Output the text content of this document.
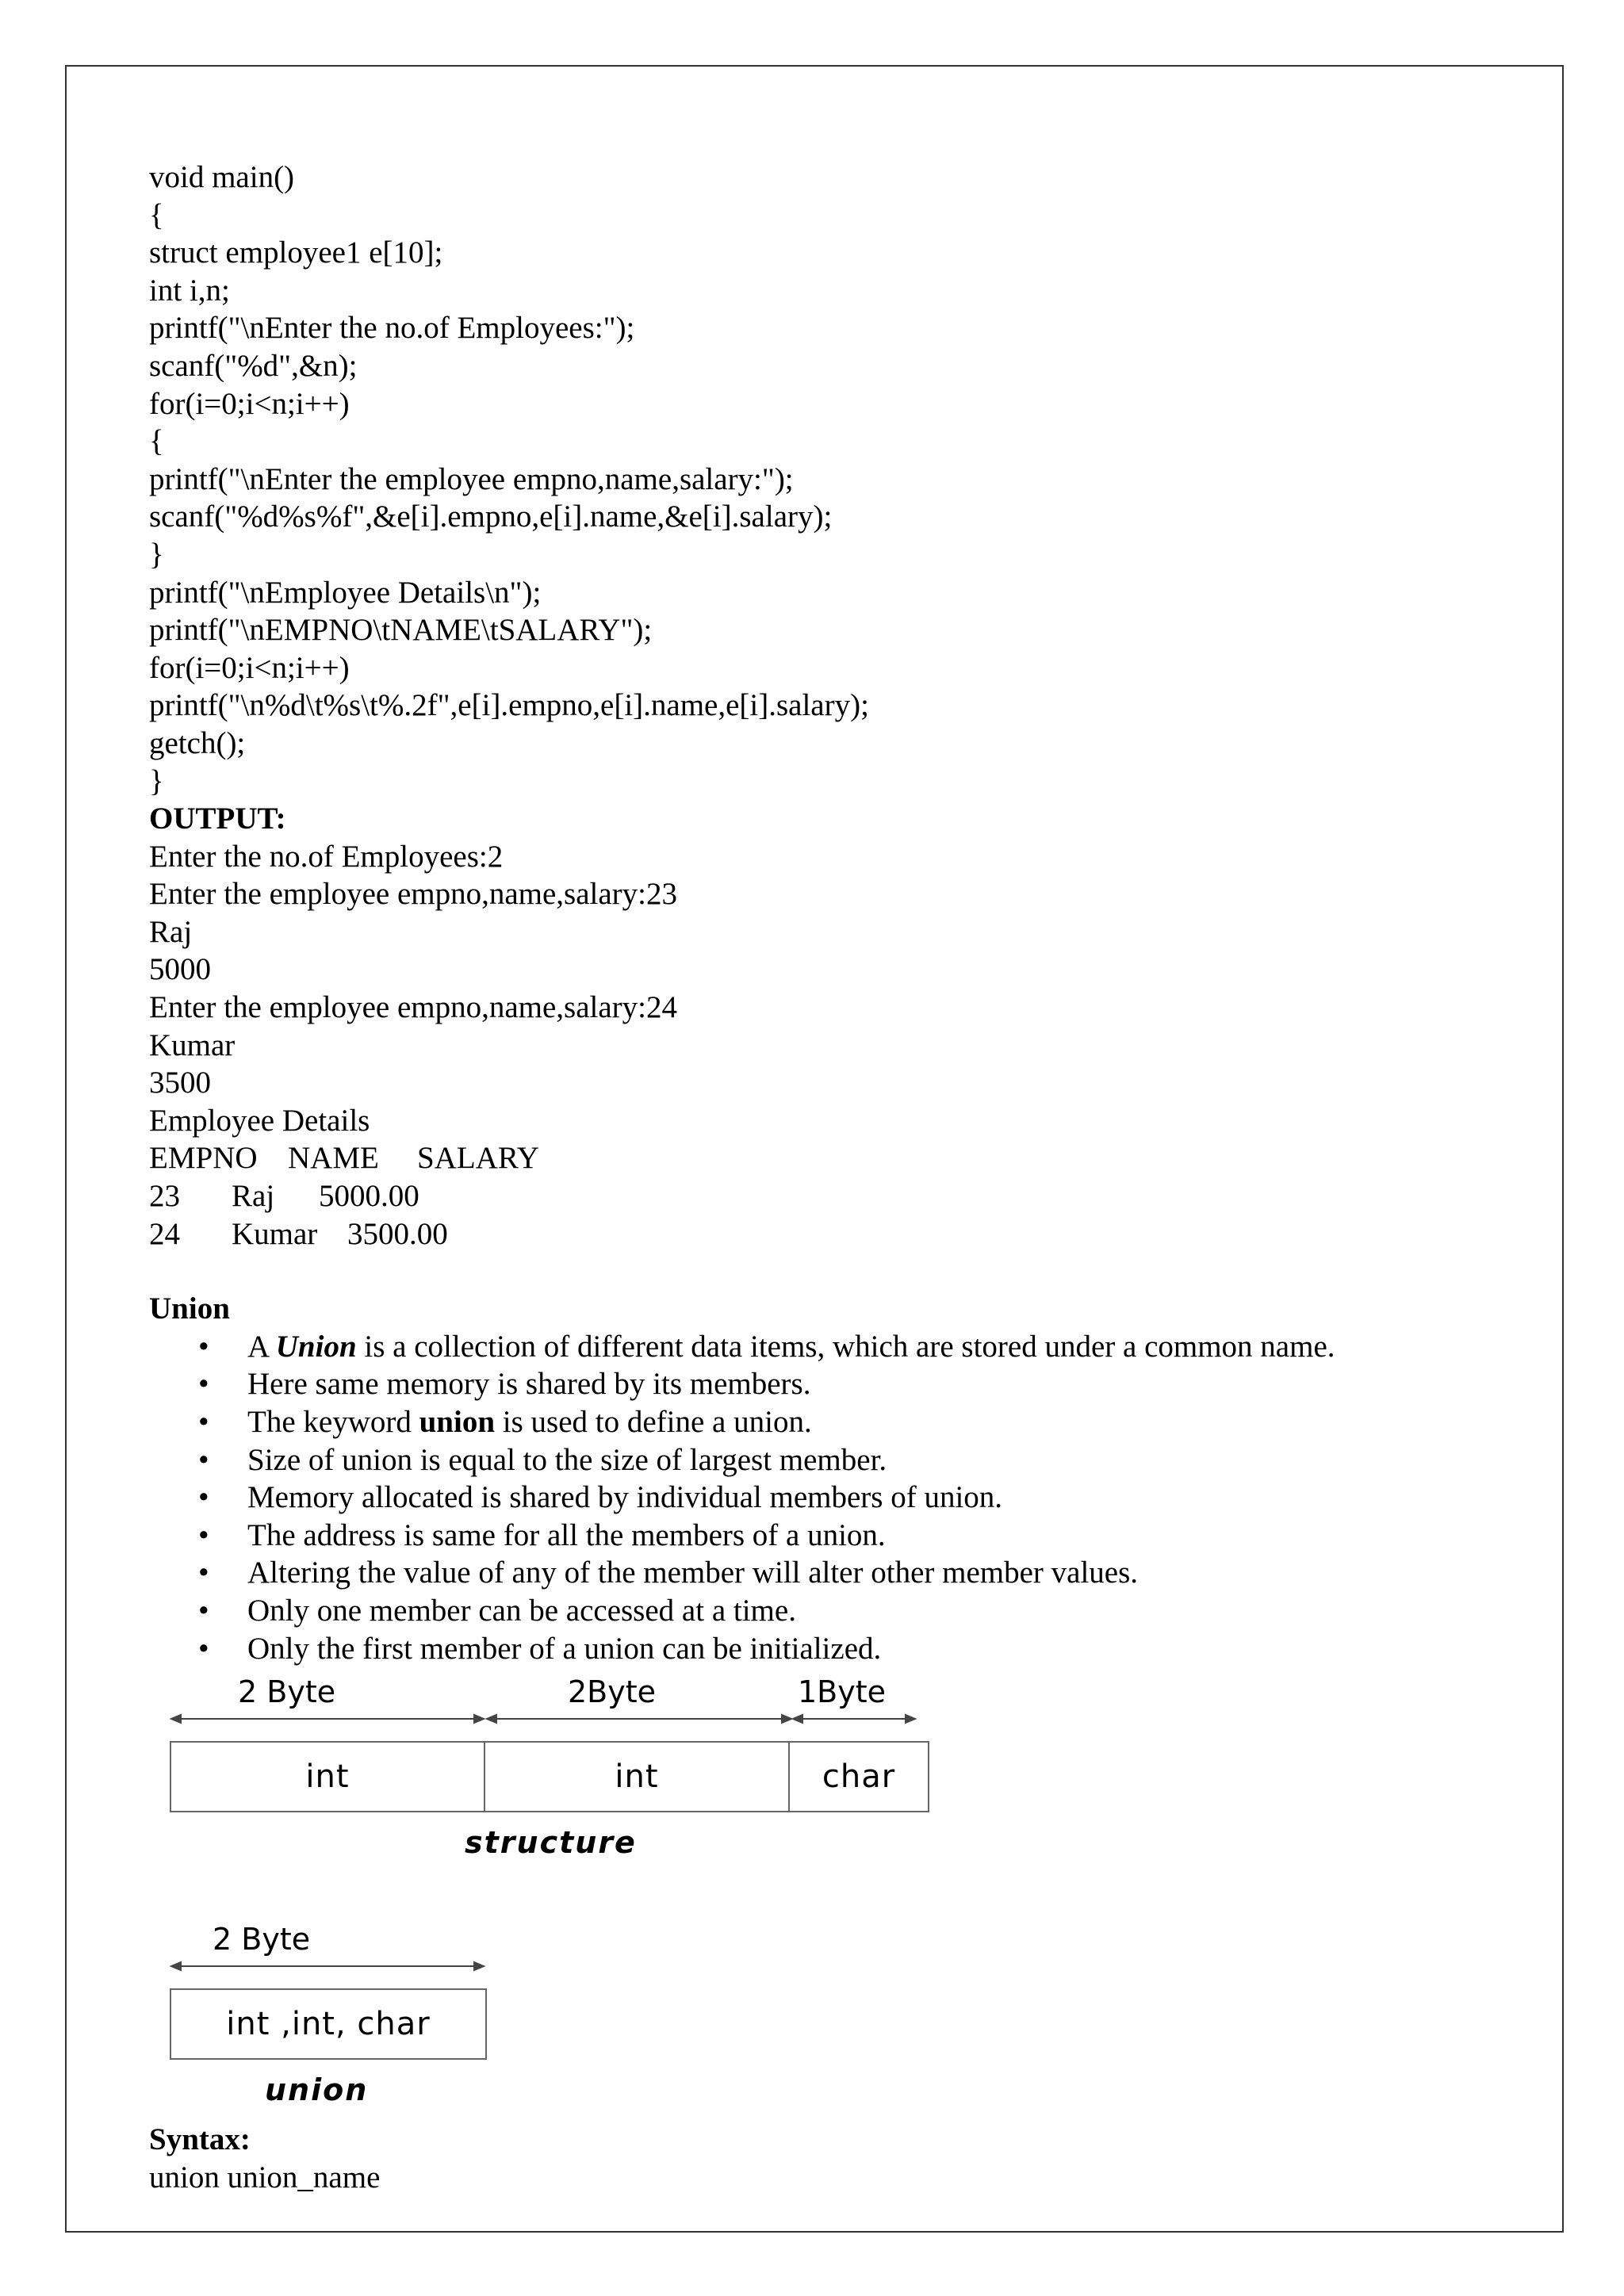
void main()
{
struct employee1 e[10];
int i,n;
printf("\nEnter the no.of Employees:");
scanf("%d",&n);
for(i=0;i<n;i++)
{
printf("\nEnter the employee empno,name,salary:");
scanf("%d%s%f",&e[i].empno,e[i].name,&e[i].salary);
}
printf("\nEmployee Details\n");
printf("\nEMPNO\tNAME\tSALARY");
for(i=0;i<n;i++)
printf("\n%d\t%s\t%.2f",e[i].empno,e[i].name,e[i].salary);
getch();
}
OUTPUT:
Enter the no.of Employees:2
Enter the employee empno,name,salary:23
Raj
5000
Enter the employee empno,name,salary:24
Kumar
3500
Employee Details
EMPNO	NAME	SALARY
23 Raj 5000.00
24 Kumar 3500.00
Union
• A Union is a collection of different data items, which are stored under a common name.
• Here same memory is shared by its members.
• The keyword union is used to define a union.
• Size of union is equal to the size of largest member.
• Memory allocated is shared by individual members of union.
• The address is same for all the members of a union.
• Altering the value of any of the member will alter other member values.
• Only one member can be accessed at a time.
• Only the first member of a union can be initialized.
2 Byte	2Byte	1Byte
int	int	char
structure
2 Byte
int ,int, char
union
Syntax:
union union_name
